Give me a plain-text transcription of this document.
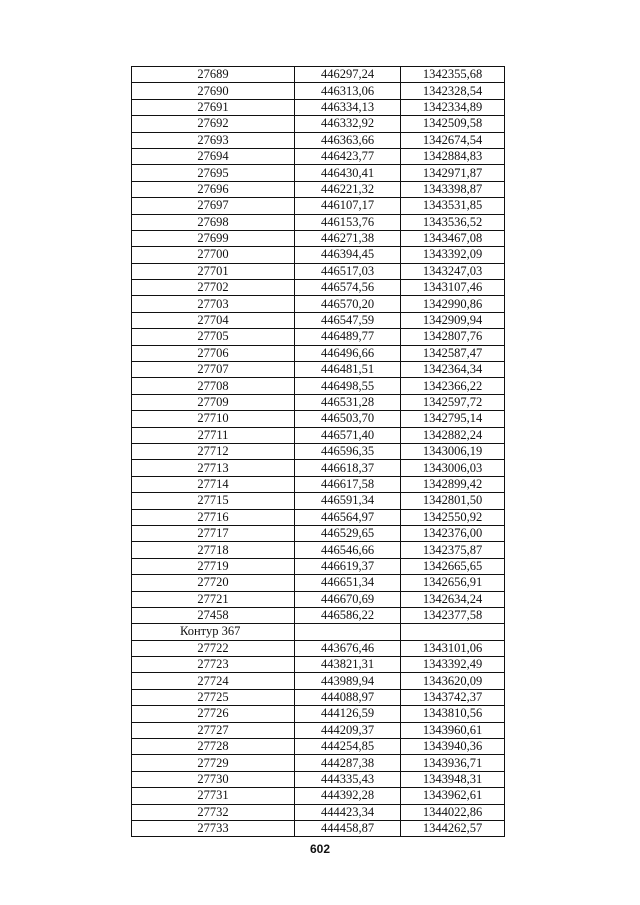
27689	446297,24	1342355,68
27690	446313,06	1342328,54
27691	446334,13	1342334,89
27692	446332,92	1342509,58
27693	446363,66	1342674,54
27694	446423,77	1342884,83
27695	446430,41	1342971,87
27696	446221,32	1343398,87
27697	446107,17	1343531,85
27698	446153,76	1343536,52
27699	446271,38	1343467,08
27700	446394,45	1343392,09
27701	446517,03	1343247,03
27702	446574,56	1343107,46
27703	446570,20	1342990,86
27704	446547,59	1342909,94
27705	446489,77	1342807,76
27706	446496,66	1342587,47
27707	446481,51	1342364,34
27708	446498,55	1342366,22
27709	446531,28	1342597,72
27710	446503,70	1342795,14
27711	446571,40	1342882,24
27712	446596,35	1343006,19
27713	446618,37	1343006,03
27714	446617,58	1342899,42
27715	446591,34	1342801,50
27716	446564,97	1342550,92
27717	446529,65	1342376,00
27718	446546,66	1342375,87
27719	446619,37	1342665,65
27720	446651,34	1342656,91
27721	446670,69	1342634,24
27458	446586,22	1342377,58
Контур 367		
27722	443676,46	1343101,06
27723	443821,31	1343392,49
27724	443989,94	1343620,09
27725	444088,97	1343742,37
27726	444126,59	1343810,56
27727	444209,37	1343960,61
27728	444254,85	1343940,36
27729	444287,38	1343936,71
27730	444335,43	1343948,31
27731	444392,28	1343962,61
27732	444423,34	1344022,86
27733	444458,87	1344262,57
602
